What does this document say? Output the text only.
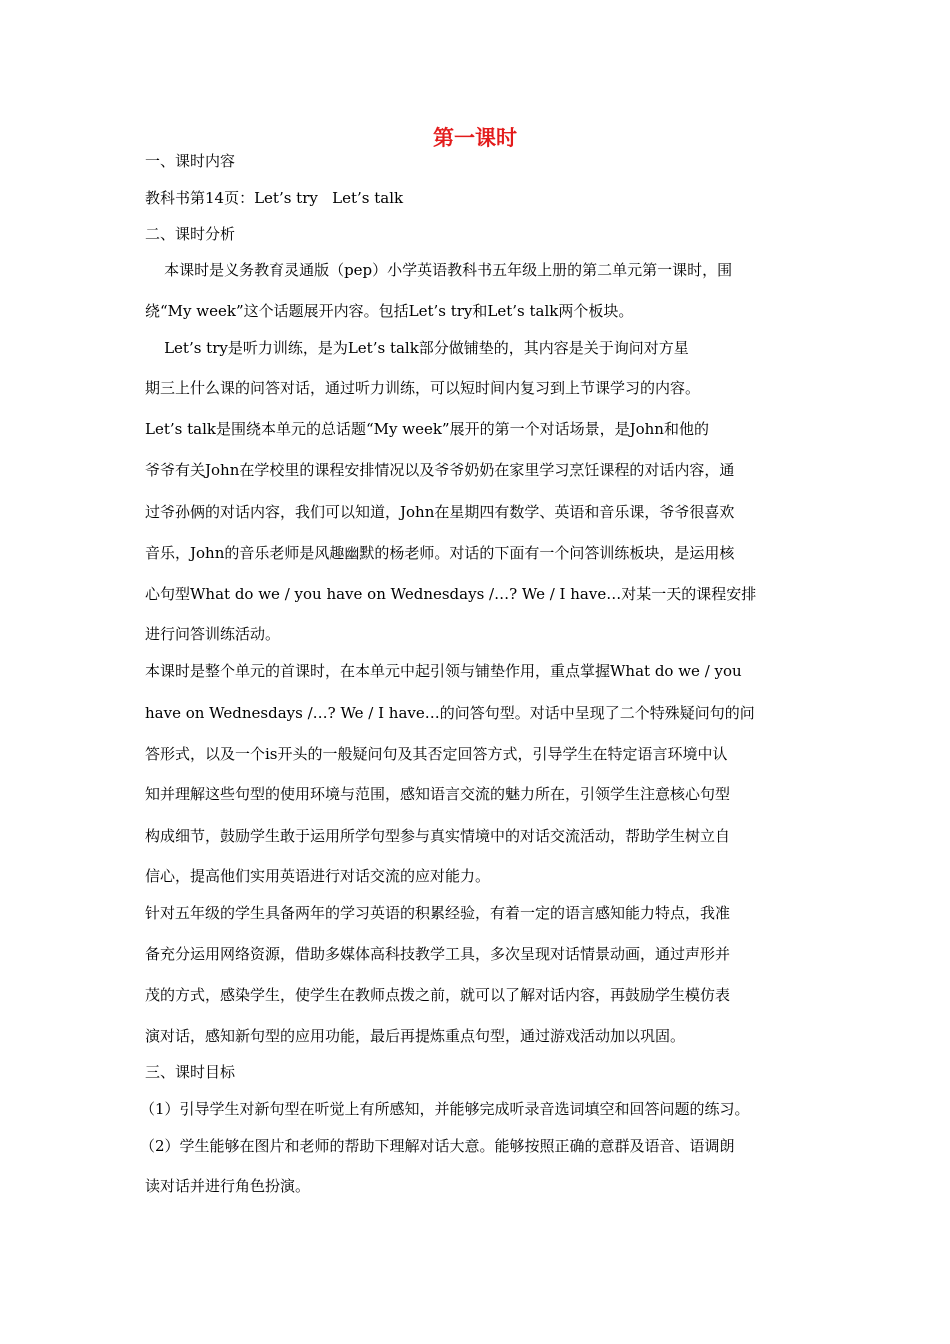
第一课时
一、课时内容
教科书第14页：Let’s try   Let’s talk
二、课时分析
本课时是义务教育灵通版（pep）小学英语教科书五年级上册的第二单元第一课时，围
绕“My week”这个话题展开内容。包括Let’s try和Let’s talk两个板块。
Let’s try是听力训练，是为Let’s talk部分做铺垫的，其内容是关于询问对方星
期三上什么课的问答对话，通过听力训练，可以短时间内复习到上节课学习的内容。
Let’s talk是围绕本单元的总话题“My week”展开的第一个对话场景，是John和他的
爷爷有关John在学校里的课程安排情况以及爷爷奶奶在家里学习烹饪课程的对话内容，通
过爷孙俩的对话内容，我们可以知道，John在星期四有数学、英语和音乐课，爷爷很喜欢
音乐，John的音乐老师是风趣幽默的杨老师。对话的下面有一个问答训练板块，是运用核
心句型What do we / you have on Wednesdays /…? We / I have…对某一天的课程安排
进行问答训练活动。
本课时是整个单元的首课时，在本单元中起引领与铺垫作用，重点掌握What do we / you
have on Wednesdays /…? We / I have…的问答句型。对话中呈现了二个特殊疑问句的问
答形式，以及一个is开头的一般疑问句及其否定回答方式，引导学生在特定语言环境中认
知并理解这些句型的使用环境与范围，感知语言交流的魅力所在，引领学生注意核心句型
构成细节，鼓励学生敢于运用所学句型参与真实情境中的对话交流活动，帮助学生树立自
信心，提高他们实用英语进行对话交流的应对能力。
针对五年级的学生具备两年的学习英语的积累经验，有着一定的语言感知能力特点，我准
备充分运用网络资源，借助多媒体高科技教学工具，多次呈现对话情景动画，通过声形并
茂的方式，感染学生，使学生在教师点拨之前，就可以了解对话内容，再鼓励学生模仿表
演对话，感知新句型的应用功能，最后再提炼重点句型，通过游戏活动加以巩固。
三、课时目标
（1）引导学生对新句型在听觉上有所感知，并能够完成听录音选词填空和回答问题的练习。
（2）学生能够在图片和老师的帮助下理解对话大意。能够按照正确的意群及语音、语调朗
读对话并进行角色扮演。
